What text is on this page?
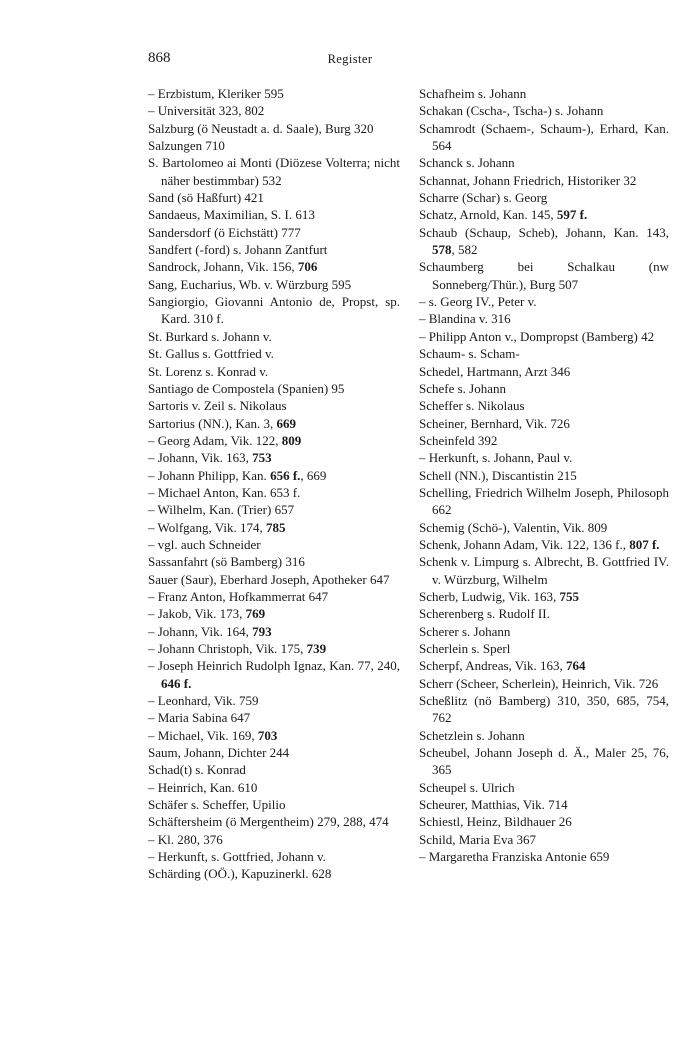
868	Register
– Erzbistum, Kleriker 595
– Universität 323, 802
Salzburg (ö Neustadt a. d. Saale), Burg 320
Salzungen 710
S. Bartolomeo ai Monti (Diözese Volterra; nicht näher bestimmbar) 532
Sand (sö Haßfurt) 421
Sandaeus, Maximilian, S. I. 613
Sandersdorf (ö Eichstätt) 777
Sandfert (-ford) s. Johann Zantfurt
Sandrock, Johann, Vik. 156, 706
Sang, Eucharius, Wb. v. Würzburg 595
Sangiorgio, Giovanni Antonio de, Propst, sp. Kard. 310 f.
St. Burkard s. Johann v.
St. Gallus s. Gottfried v.
St. Lorenz s. Konrad v.
Santiago de Compostela (Spanien) 95
Sartoris v. Zeil s. Nikolaus
Sartorius (NN.), Kan. 3, 669
– Georg Adam, Vik. 122, 809
– Johann, Vik. 163, 753
– Johann Philipp, Kan. 656 f., 669
– Michael Anton, Kan. 653 f.
– Wilhelm, Kan. (Trier) 657
– Wolfgang, Vik. 174, 785
– vgl. auch Schneider
Sassanfahrt (sö Bamberg) 316
Sauer (Saur), Eberhard Joseph, Apotheker 647
– Franz Anton, Hofkammerrat 647
– Jakob, Vik. 173, 769
– Johann, Vik. 164, 793
– Johann Christoph, Vik. 175, 739
– Joseph Heinrich Rudolph Ignaz, Kan. 77, 240, 646 f.
– Leonhard, Vik. 759
– Maria Sabina 647
– Michael, Vik. 169, 703
Saum, Johann, Dichter 244
Schad(t) s. Konrad
– Heinrich, Kan. 610
Schäfer s. Scheffer, Upilio
Schäftersheim (ö Mergentheim) 279, 288, 474
– Kl. 280, 376
– Herkunft, s. Gottfried, Johann v.
Schärding (OÖ.), Kapuzinerkl. 628
Schafheim s. Johann
Schakan (Cscha-, Tscha-) s. Johann
Schamrodt (Schaem-, Schaum-), Erhard, Kan. 564
Schanck s. Johann
Schannat, Johann Friedrich, Historiker 32
Scharre (Schar) s. Georg
Schatz, Arnold, Kan. 145, 597 f.
Schaub (Schaup, Scheb), Johann, Kan. 143, 578, 582
Schaumberg bei Schalkau (nw Sonneberg/Thür.), Burg 507
– s. Georg IV., Peter v.
– Blandina v. 316
– Philipp Anton v., Dompropst (Bamberg) 42
Schaum- s. Scham-
Schedel, Hartmann, Arzt 346
Schefe s. Johann
Scheffer s. Nikolaus
Scheiner, Bernhard, Vik. 726
Scheinfeld 392
– Herkunft, s. Johann, Paul v.
Schell (NN.), Discantistin 215
Schelling, Friedrich Wilhelm Joseph, Philosoph 662
Schemig (Schö-), Valentin, Vik. 809
Schenk, Johann Adam, Vik. 122, 136 f., 807 f.
Schenk v. Limpurg s. Albrecht, B. Gottfried IV. v. Würzburg, Wilhelm
Scherb, Ludwig, Vik. 163, 755
Scherenberg s. Rudolf II.
Scherer s. Johann
Scherlein s. Sperl
Scherpf, Andreas, Vik. 163, 764
Scherr (Scheer, Scherlein), Heinrich, Vik. 726
Scheßlitz (nö Bamberg) 310, 350, 685, 754, 762
Schetzlein s. Johann
Scheubel, Johann Joseph d. Ä., Maler 25, 76, 365
Scheupel s. Ulrich
Scheurer, Matthias, Vik. 714
Schiestl, Heinz, Bildhauer 26
Schild, Maria Eva 367
– Margaretha Franziska Antonie 659
